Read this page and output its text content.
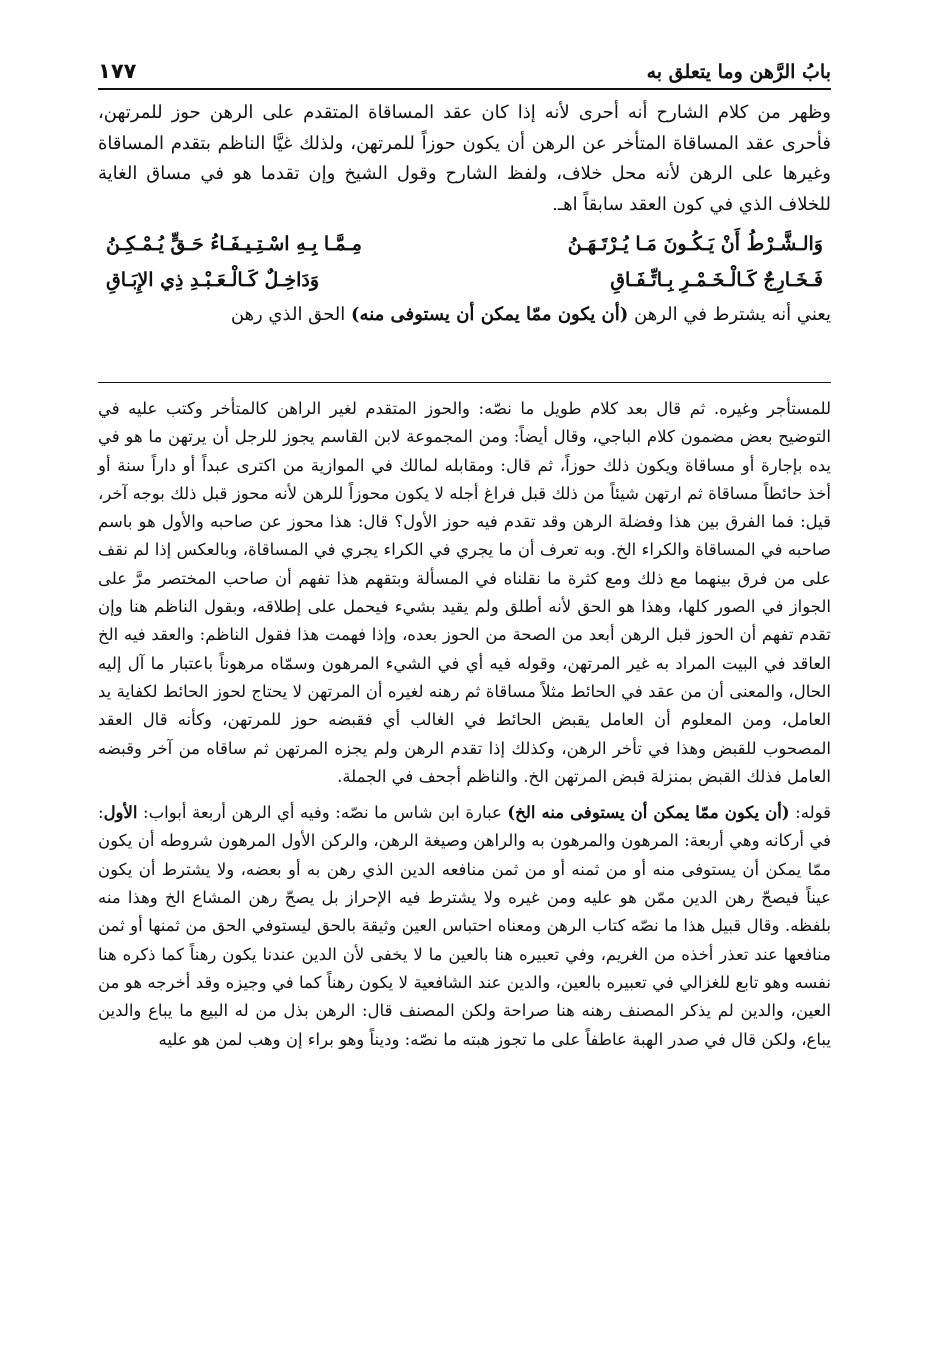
بابُ الرَّهن وما يتعلق به
١٧٧

وظهر من كلام الشارح أنه أحرى لأنه إذا كان عقد المساقاة المتقدم على الرهن حوز للمرتهن، فأحرى عقد المساقاة المتأخر عن الرهن أن يكون حوزاً للمرتهن، ولذلك غيَّا الناظم بتقدم المساقاة وغيرها على الرهن لأنه محل خلاف، ولفظ الشارح وقول الشيخ وإن تقدما هو في مساق الغاية للخلاف الذي في كون العقد سابقاً اهـ.

وَالـشَّـرْطُ أَنْ يَـكُـونَ مَـا يُـرْتَـهَـنُ
مِـمَّـا بِـهِ اسْـتِـيـفَـاءُ حَـقٍّ يُـمْـكِـنُ
فَـخَـارِجٌ كَـالْـخَـمْـرِ بِـاتِّـفَـاقِ
وَدَاخِـلٌ كَـالْـعَـبْـدِ ذِي الإِبَـاقِ

يعني أنه يشترط في الرهن (أن يكون ممّا يمكن أن يستوفى منه) الحق الذي رهن

للمستأجر وغيره. ثم قال بعد كلام طويل ما نصّه: والحوز المتقدم لغير الراهن كالمتأخر وكتب عليه في التوضيح بعض مضمون كلام الباجي، وقال أيضاً: ومن المجموعة لابن القاسم يجوز للرجل أن يرتهن ما هو في يده بإجارة أو مساقاة ويكون ذلك حوزاً، ثم قال: ومقابله لمالك في الموازية من اكترى عبداً أو داراً سنة أو أخذ حائطاً مساقاة ثم ارتهن شيئاً من ذلك قبل فراغ أجله لا يكون محوزاً للرهن لأنه محوز قبل ذلك بوجه آخر، قيل: فما الفرق بين هذا وفضلة الرهن وقد تقدم فيه حوز الأول؟ قال: هذا محوز عن صاحبه والأول هو باسم صاحبه في المساقاة والكراء الخ. وبه تعرف أن ما يجري في الكراء يجري في المساقاة، وبالعكس إذا لم نقف على من فرق بينهما مع ذلك ومع كثرة ما نقلناه في المسألة وبتقهم هذا تفهم أن صاحب المختصر مرَّ على الجواز في الصور كلها، وهذا هو الحق لأنه أطلق ولم يقيد بشيء فيحمل على إطلاقه، وبقول الناظم هنا وإن تقدم تفهم أن الحوز قبل الرهن أبعد من الصحة من الحوز بعده، وإذا فهمت هذا فقول الناظم: والعقد فيه الخ العاقد في البيت المراد به غير المرتهن، وقوله فيه أي في الشيء المرهون وسمّاه مرهوناً باعتبار ما آل إليه الحال، والمعنى أن من عقد في الحائط مثلاً مساقاة ثم رهنه لغيره أن المرتهن لا يحتاج لحوز الحائط لكفاية يد العامل، ومن المعلوم أن العامل يقبض الحائط في الغالب أي فقبضه حوز للمرتهن، وكأنه قال العقد المصحوب للقبض وهذا في تأخر الرهن، وكذلك إذا تقدم الرهن ولم يجزه المرتهن ثم ساقاه من آخر وقبضه العامل فذلك القبض بمنزلة قبض المرتهن الخ. والناظم أجحف في الجملة.

قوله: (أن يكون ممّا يمكن أن يستوفى منه الخ) عبارة ابن شاس ما نصّه: وفيه أي الرهن أربعة أبواب: الأول: في أركانه وهي أربعة: المرهون والمرهون به والراهن وصيغة الرهن، والركن الأول المرهون شروطه أن يكون ممّا يمكن أن يستوفى منه أو من ثمنه أو من ثمن منافعه الدين الذي رهن به أو بعضه، ولا يشترط أن يكون عيناً فيصحّ رهن الدين ممّن هو عليه ومن غيره ولا يشترط فيه الإحراز بل يصحّ رهن المشاع الخ وهذا منه بلفظه. وقال قبيل هذا ما نصّه كتاب الرهن ومعناه احتباس العين وثيقة بالحق ليستوفي الحق من ثمنها أو ثمن منافعها عند تعذر أخذه من الغريم، وفي تعبيره هنا بالعين ما لا يخفى لأن الدين عندنا يكون رهناً كما ذكره هنا نفسه وهو تابع للغزالي في تعبيره بالعين، والدين عند الشافعية لا يكون رهناً كما في وجيزه وقد أخرجه هو من العين، والدين لم يذكر المصنف رهنه هنا صراحة ولكن المصنف قال: الرهن بذل من له البيع ما يباع والدين يباع، ولكن قال في صدر الهبة عاطفاً على ما تجوز هبته ما نصّه: وديناً وهو براء إن وهب لمن هو عليه
